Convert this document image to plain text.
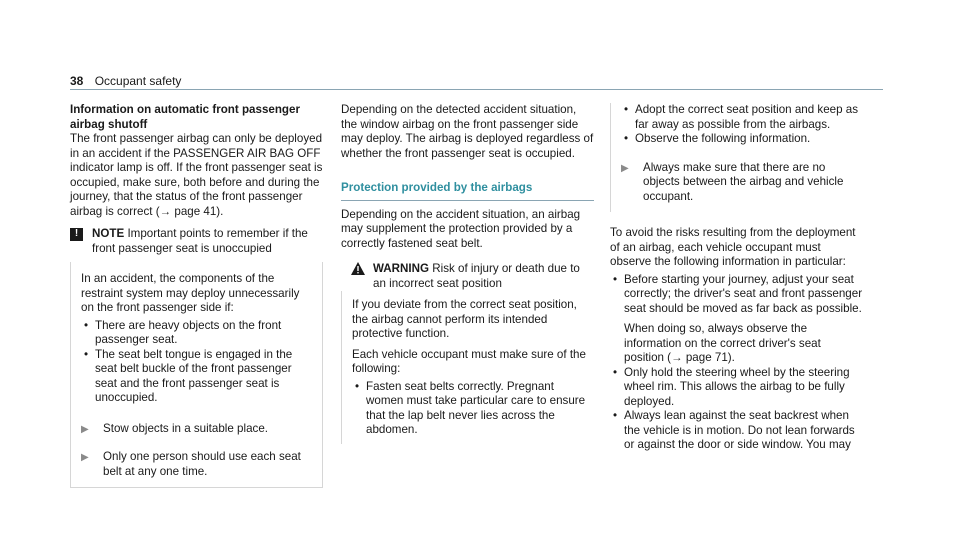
38 Occupant safety

Information on automatic front passenger airbag shutoff

The front passenger airbag can only be deployed in an accident if the PASSENGER AIR BAG OFF indicator lamp is off. If the front passenger seat is occupied, make sure, both before and during the journey, that the status of the front passenger airbag is correct (→ page 41).

!	NOTE Important points to remember if the front passenger seat is unoccupied

In an accident, the components of the restraint system may deploy unnecessarily on the front passenger side if:

• There are heavy objects on the front passenger seat.
• The seat belt tongue is engaged in the seat belt buckle of the front passenger seat and the front passenger seat is unoccupied.
▶	Stow objects in a suitable place.
▶	Only one person should use each seat belt at any one time.

Depending on the detected accident situation, the window airbag on the front passenger side may deploy. The airbag is deployed regardless of whether the front passenger seat is occupied.

Protection provided by the airbags

Depending on the accident situation, an airbag may supplement the protection provided by a correctly fastened seat belt.

WARNING Risk of injury or death due to an incorrect seat position

If you deviate from the correct seat position, the airbag cannot perform its intended protective function.

Each vehicle occupant must make sure of the following:

• Fasten seat belts correctly. Pregnant women must take particular care to ensure that the lap belt never lies across the abdomen.
• Adopt the correct seat position and keep as far away as possible from the airbags.
• Observe the following information.
▶	Always make sure that there are no objects between the airbag and vehicle occupant.

To avoid the risks resulting from the deployment of an airbag, each vehicle occupant must observe the following information in particular:

• Before starting your journey, adjust your seat correctly; the driver's seat and front passenger seat should be moved as far back as possible.

When doing so, always observe the information on the correct driver's seat position (→ page 71).

• Only hold the steering wheel by the steering wheel rim. This allows the airbag to be fully deployed.
• Always lean against the seat backrest when the vehicle is in motion. Do not lean forwards or against the door or side window. You may
